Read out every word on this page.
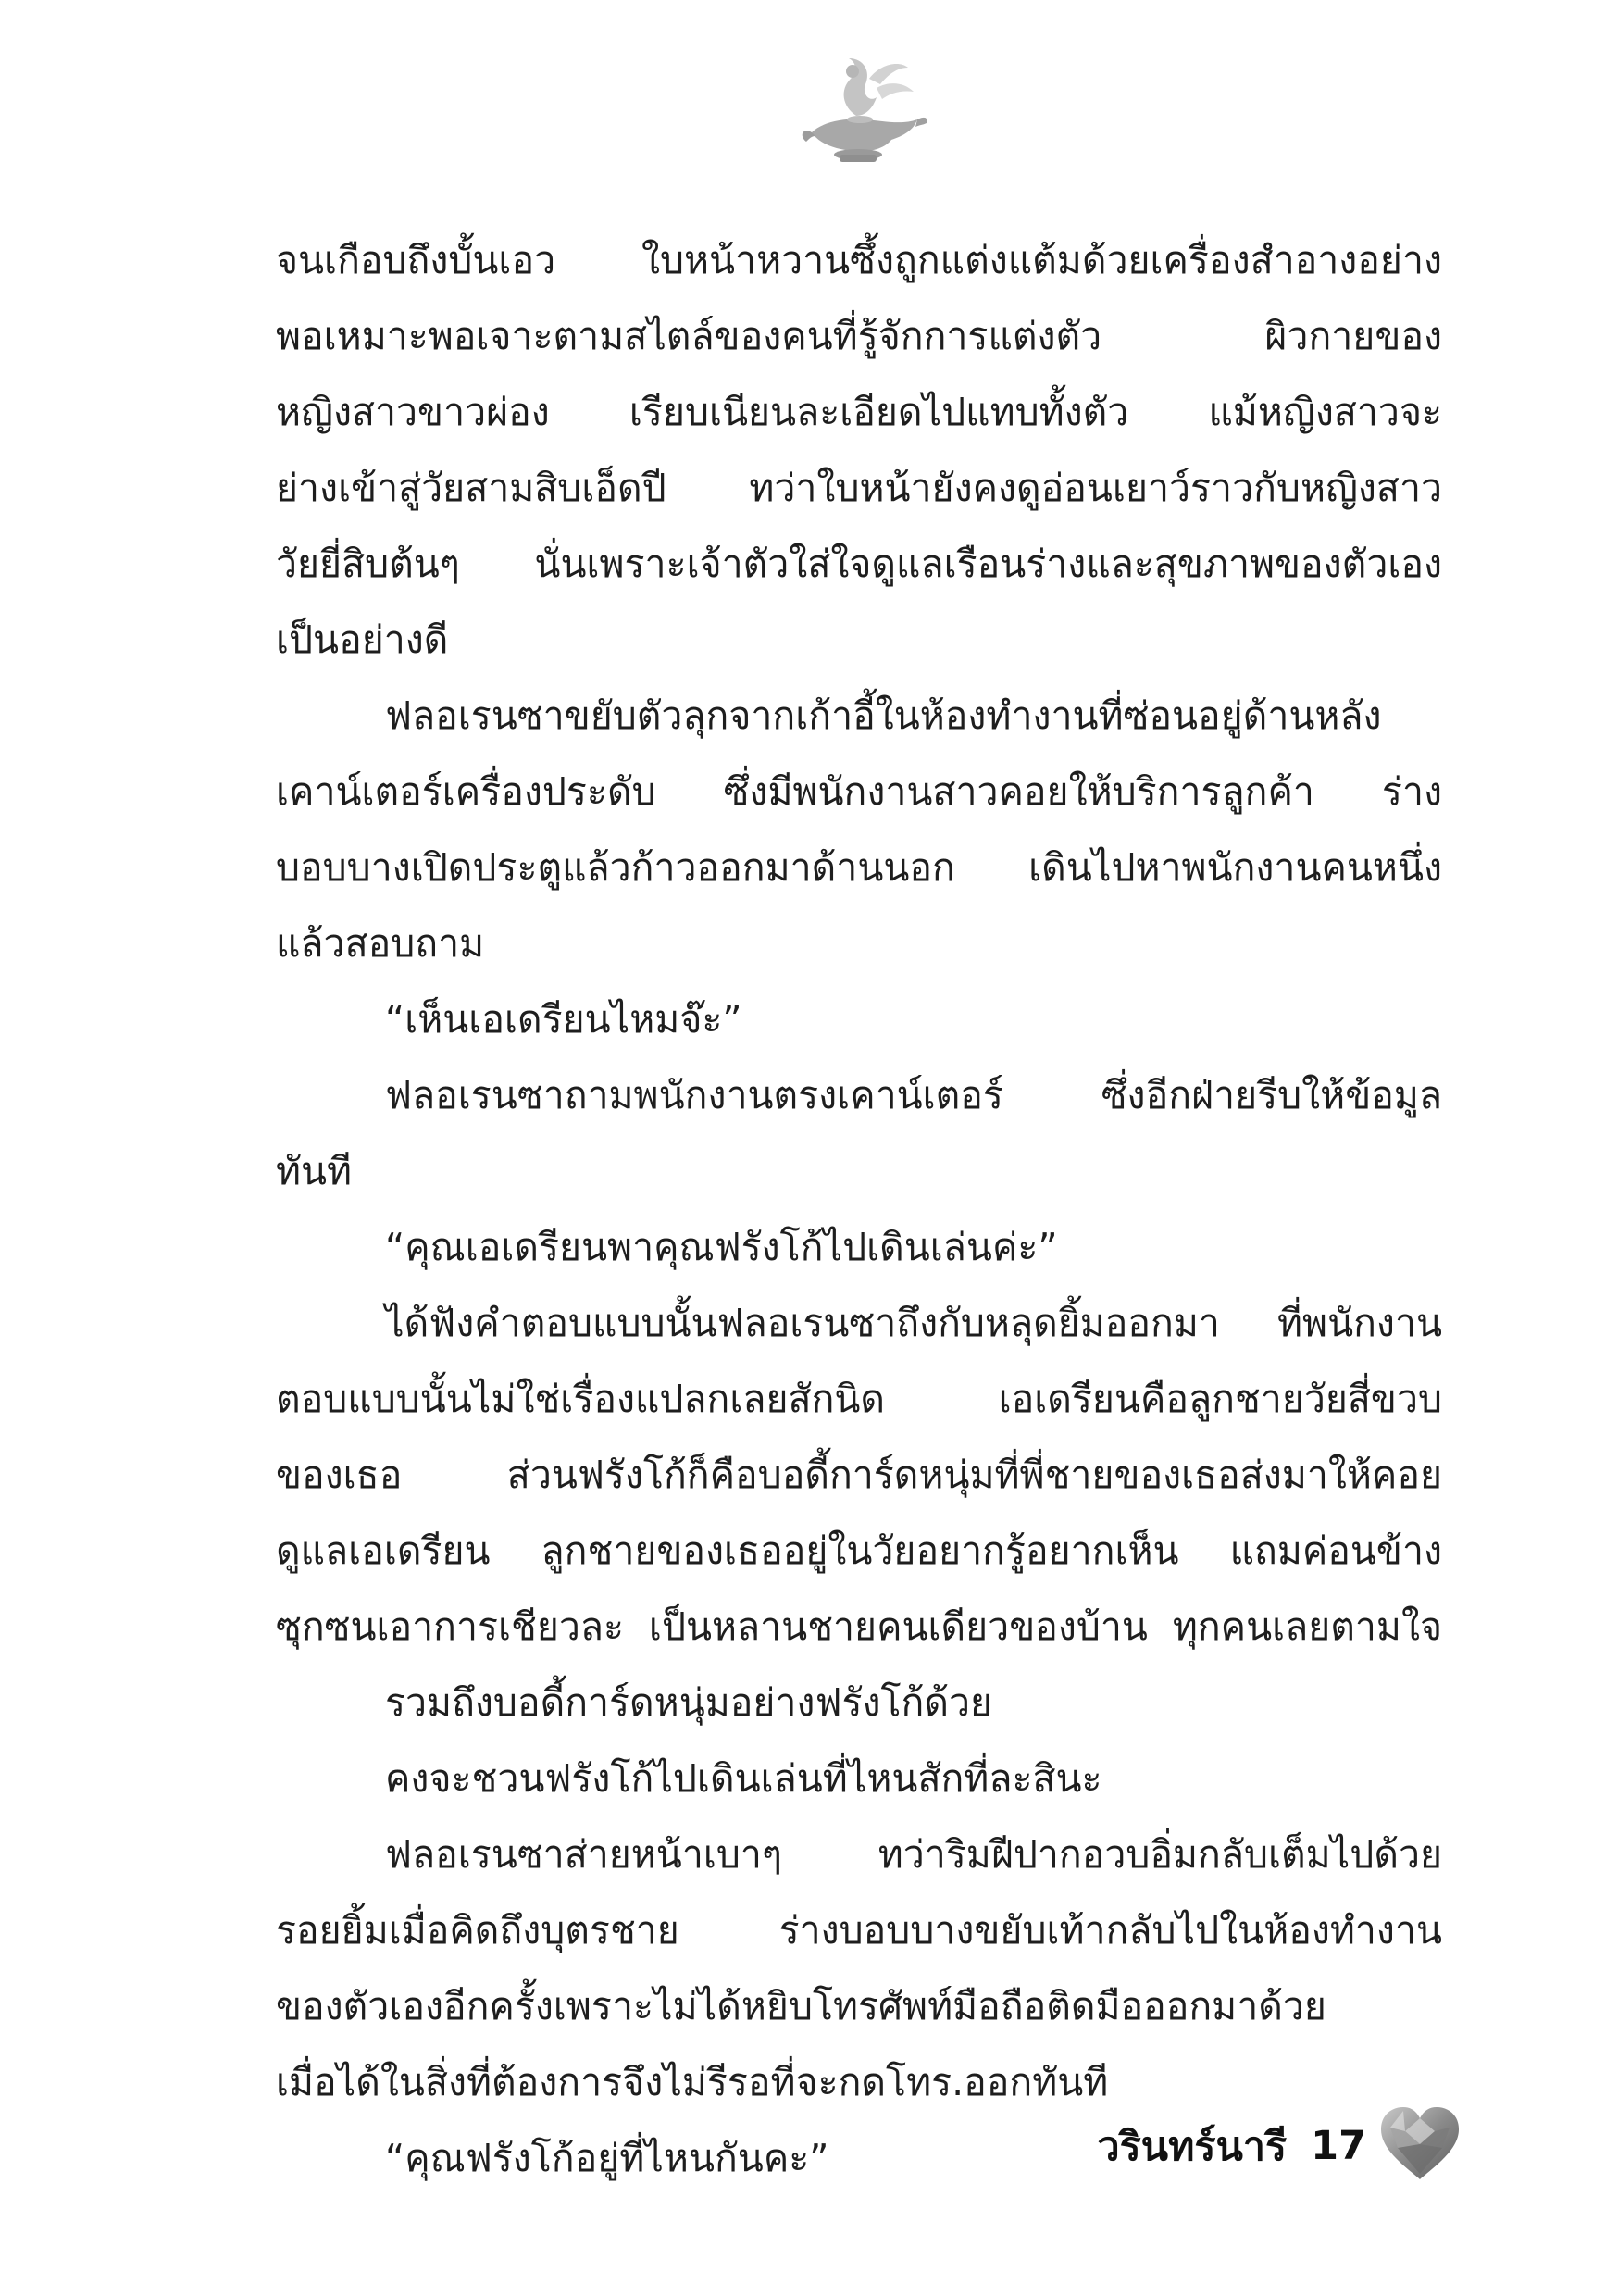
จนเกือบถึงบั้นเอว ใบหน้าหวานซึ้งถูกแต่งแต้มด้วยเครื่องสำอางอย่าง
พอเหมาะพอเจาะตามสไตล์ของคนที่รู้จักการแต่งตัว ผิวกายของ
หญิงสาวขาวผ่อง เรียบเนียนละเอียดไปแทบทั้งตัว แม้หญิงสาวจะ
ย่างเข้าสู่วัยสามสิบเอ็ดปี ทว่าใบหน้ายังคงดูอ่อนเยาว์ราวกับหญิงสาว
วัยยี่สิบต้นๆ นั่นเพราะเจ้าตัวใส่ใจดูแลเรือนร่างและสุขภาพของตัวเอง
เป็นอย่างดี
ฟลอเรนซาขยับตัวลุกจากเก้าอี้ในห้องทำงานที่ซ่อนอยู่ด้านหลัง
เคาน์เตอร์เครื่องประดับ ซึ่งมีพนักงานสาวคอยให้บริการลูกค้า ร่าง
บอบบางเปิดประตูแล้วก้าวออกมาด้านนอก เดินไปหาพนักงานคนหนึ่ง
แล้วสอบถาม
“เห็นเอเดรียนไหมจ๊ะ”
ฟลอเรนซาถามพนักงานตรงเคาน์เตอร์ ซึ่งอีกฝ่ายรีบให้ข้อมูล
ทันที
“คุณเอเดรียนพาคุณฟรังโก้ไปเดินเล่นค่ะ”
ได้ฟังคำตอบแบบนั้นฟลอเรนซาถึงกับหลุดยิ้มออกมา ที่พนักงาน
ตอบแบบนั้นไม่ใช่เรื่องแปลกเลยสักนิด เอเดรียนคือลูกชายวัยสี่ขวบ
ของเธอ ส่วนฟรังโก้ก็คือบอดี้การ์ดหนุ่มที่พี่ชายของเธอส่งมาให้คอย
ดูแลเอเดรียน ลูกชายของเธออยู่ในวัยอยากรู้อยากเห็น แถมค่อนข้าง
ซุกซนเอาการเชียวละ เป็นหลานชายคนเดียวของบ้าน ทุกคนเลยตามใจ
รวมถึงบอดี้การ์ดหนุ่มอย่างฟรังโก้ด้วย
คงจะชวนฟรังโก้ไปเดินเล่นที่ไหนสักที่ละสินะ
ฟลอเรนซาส่ายหน้าเบาๆ ทว่าริมฝีปากอวบอิ่มกลับเต็มไปด้วย
รอยยิ้มเมื่อคิดถึงบุตรชาย ร่างบอบบางขยับเท้ากลับไปในห้องทำงาน
ของตัวเองอีกครั้งเพราะไม่ได้หยิบโทรศัพท์มือถือติดมือออกมาด้วย
เมื่อได้ในสิ่งที่ต้องการจึงไม่รีรอที่จะกดโทร.ออกทันที
“คุณฟรังโก้อยู่ที่ไหนกันคะ”	วรินทร์นารี 17
